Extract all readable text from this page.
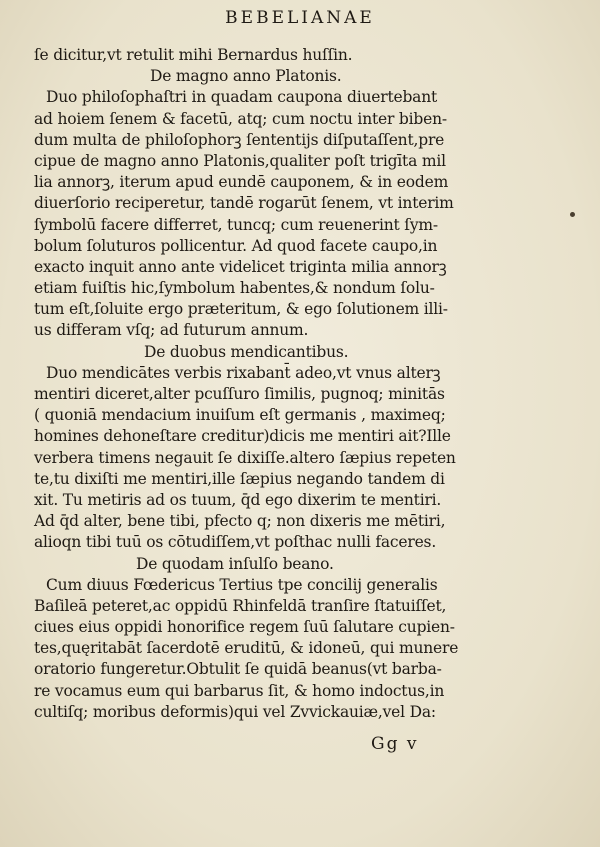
BEBELIANAE
ſe dicitur,vt retulit mihi Bernardus huſſin.
De magno anno Platonis.
Duo philoſophaſtri in quadam caupona diuertebant
ad hoiem ſenem & facetū, atq; cum noctu inter biben-
dum multa de philoſophorꝫ ſententijs diſputaſſent,pre
cipue de magno anno Platonis,qualiter poſt trigīta mil
lia annorꝫ, iterum apud eundē cauponem, & in eodem
diuerſorio reciperetur, tandē rogarūt ſenem, vt interim
ſymbolū facere differret, tuncq; cum reuenerint ſym-
bolum ſoluturos pollicentur. Ad quod facete caupo,in
exacto inquit anno ante videlicet triginta milia annorꝫ
etiam fuiſtis hic,ſymbolum habentes,& nondum ſolu-
tum eſt,ſoluite ergo præteritum, & ego ſolutionem illi-
us differam vſq; ad futurum annum.
De duobus mendicantibus.
Duo mendicātes verbis rixabant̄ adeo,vt vnus alterꝫ
mentiri diceret,alter pcuſſuro ſimilis, pugnoq; minitās
( quoniā mendacium inuiſum eſt germanis , maximeq;
homines dehoneſtare creditur)dicis me mentiri ait?Ille
verbera timens negauit ſe dixiſſe.altero ſæpius repeten
te,tu dixiſti me mentiri,ille ſæpius negando tandem di
xit. Tu metiris ad os tuum, q̄d ego dixerim te mentiri.
Ad q̄d alter, bene tibi, pfecto q; non dixeris me mētiri,
alioqn tibi tuū os cōtudiſſem,vt poſthac nulli faceres.
De quodam inſulſo beano.
Cum diuus Fœdericus Tertius tpe concilij generalis
Baſileā peteret,ac oppidū Rhinfeldā tranſire ſtatuiſſet,
ciues eius oppidi honorifice regem ſuū ſalutare cupien-
tes,quęritabāt ſacerdotē eruditū, & idoneū, qui munere
oratorio fungeretur.Obtulit ſe quidā beanus(vt barba-
re vocamus eum qui barbarus ſit, & homo indoctus,in
cultiſq; moribus deformis)qui vel Zvvickauiæ,vel Da:
Gg v
